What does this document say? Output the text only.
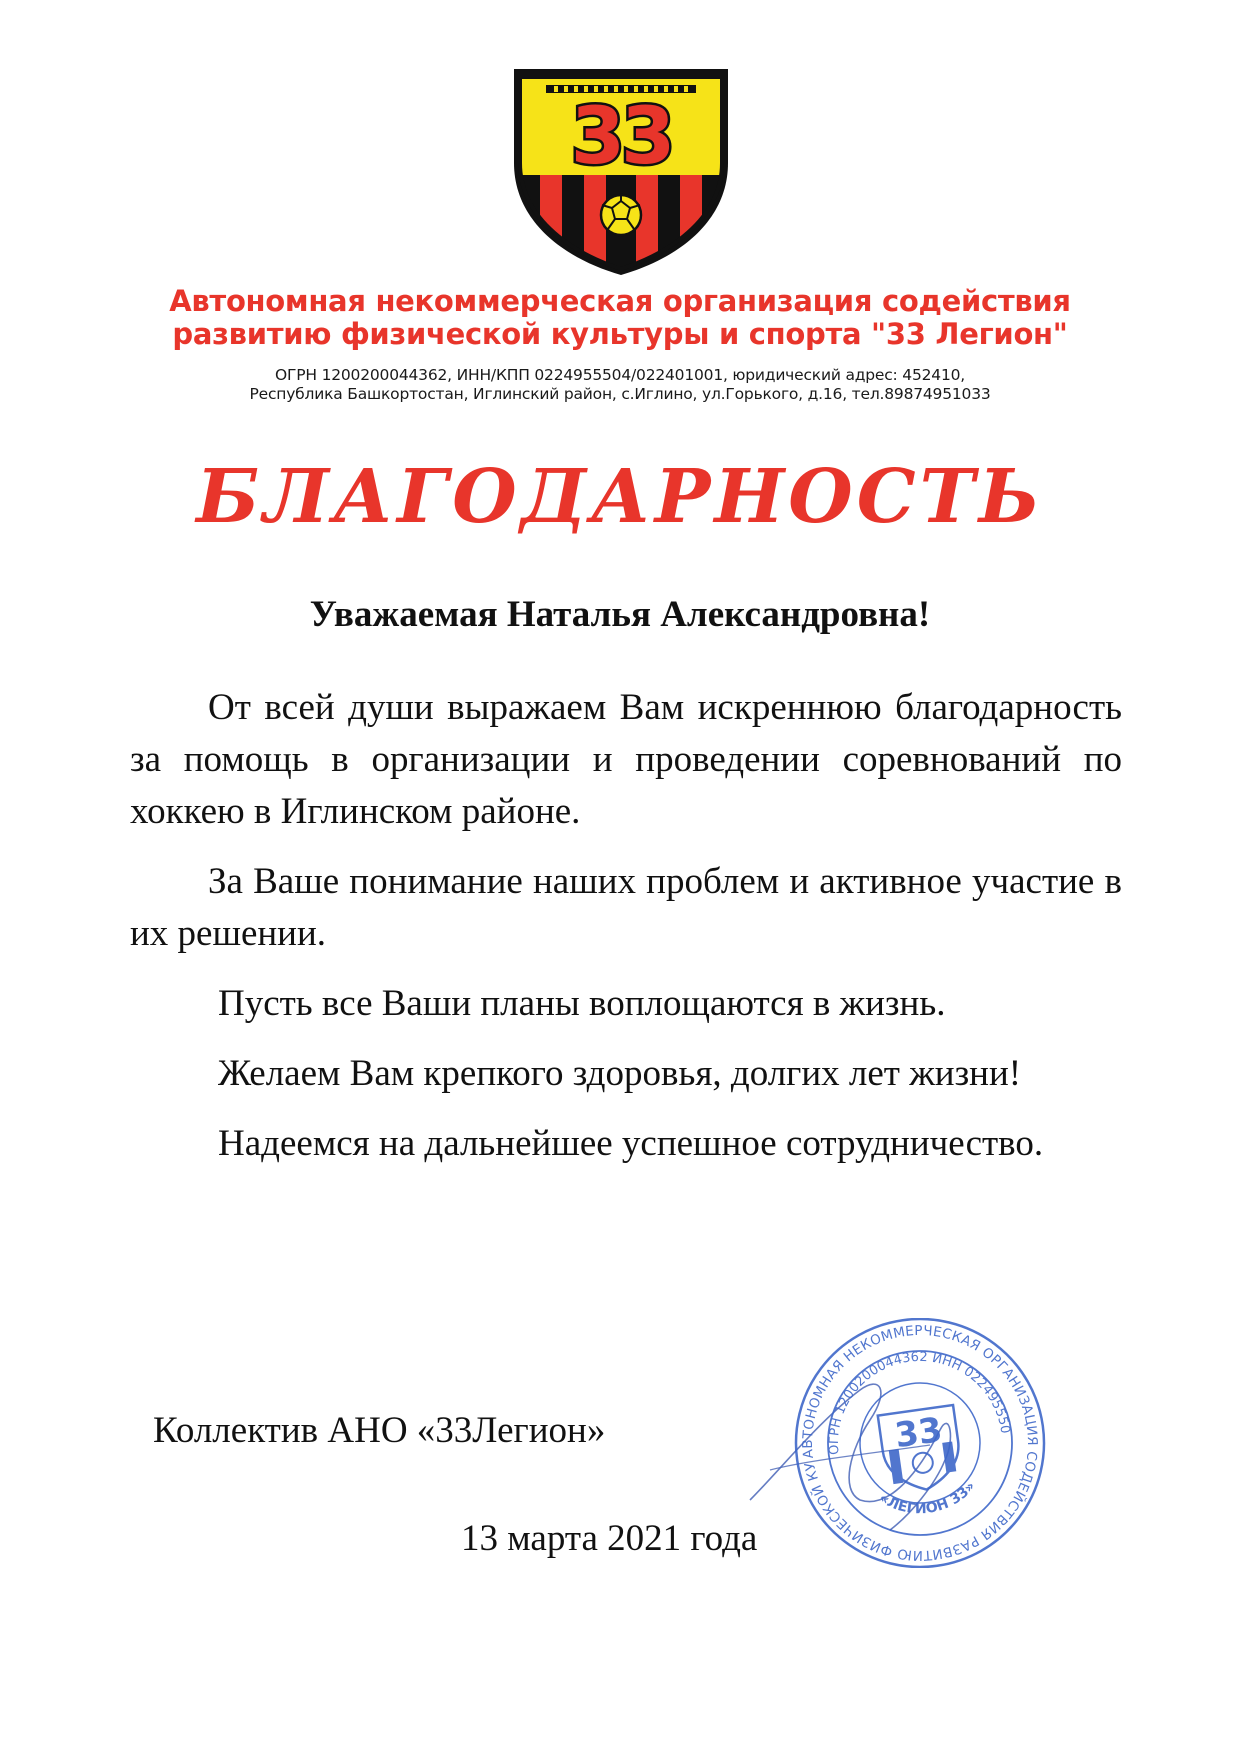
33
Автономная некоммерческая организация содействия
развитию физической культуры и спорта "33 Легион"
ОГРН 1200200044362, ИНН/КПП 0224955504/022401001, юридический адрес: 452410,
Республика Башкортостан, Иглинский район, с.Иглино, ул.Горького, д.16, тел.89874951033
БЛАГОДАРНОСТЬ
Уважаемая Наталья Александровна!

От всей души выражаем Вам искреннюю благодарность за помощь в организации и проведении соревнований по хоккею в Иглинском районе.

За Ваше понимание наших проблем и активное участие в их решении.

Пусть все Ваши планы воплощаются в жизнь.

Желаем Вам крепкого здоровья, долгих лет жизни!

Надеемся на дальнейшее успешное сотрудничество.

Коллектив АНО «33Легион»
13 марта 2021 года
АВТОНОМНАЯ НЕКОММЕРЧЕСКАЯ ОРГАНИЗАЦИЯ СОДЕЙСТВИЯ РАЗВИТИЮ ФИЗИЧЕСКОЙ КУЛЬТУРЫ
ОГРН 1200200044362 ИНН 0224955504
«ЛЕГИОН 33»
33
